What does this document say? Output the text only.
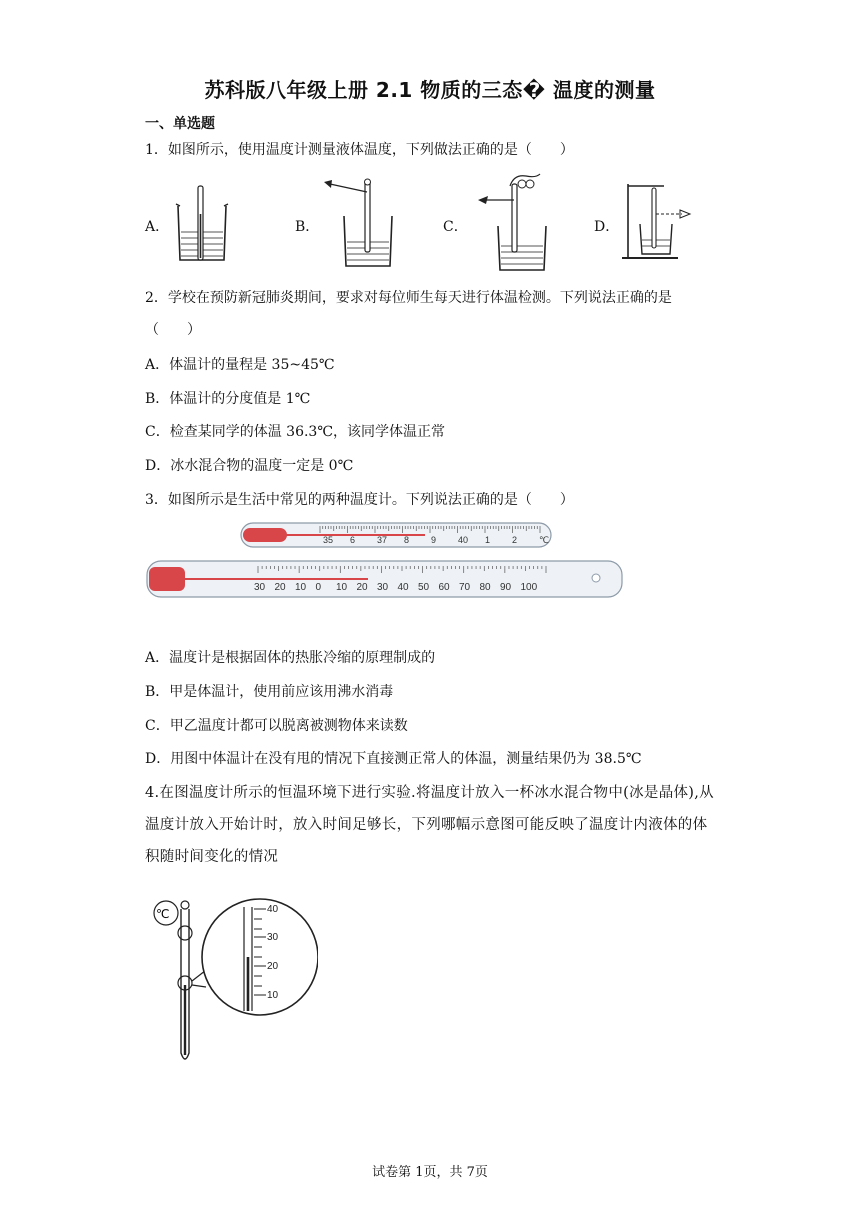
苏科版八年级上册 2.1 物质的三态� 温度的测量
一、单选题
1．如图所示，使用温度计测量液体温度，下列做法正确的是（　　）
A．	B．	C．	D．
2．学校在预防新冠肺炎期间，要求对每位师生每天进行体温检测。下列说法正确的是
（　　）
A．体温计的量程是 35~45℃
B．体温计的分度值是 1℃
C．检查某同学的体温 36.3℃，该同学体温正常
D．冰水混合物的温度一定是 0℃
3．如图所示是生活中常见的两种温度计。下列说法正确的是（　　）
35 6 37 8 9 40 1 2 ℃
30 20 10 0 10 20 30 40 50 60 70 80 90 100
A．温度计是根据固体的热胀冷缩的原理制成的
B．甲是体温计，使用前应该用沸水消毒
C．甲乙温度计都可以脱离被测物体来读数
D．用图中体温计在没有甩的情况下直接测正常人的体温，测量结果仍为 38.5℃
4.在图温度计所示的恒温环境下进行实验.将温度计放入一杯冰水混合物中(冰是晶体),从温度计放入开始计时，放入时间足够长，下列哪幅示意图可能反映了温度计内液体的体积随时间变化的情况
℃	40
30
20
10
试卷第 1页，共 7页
